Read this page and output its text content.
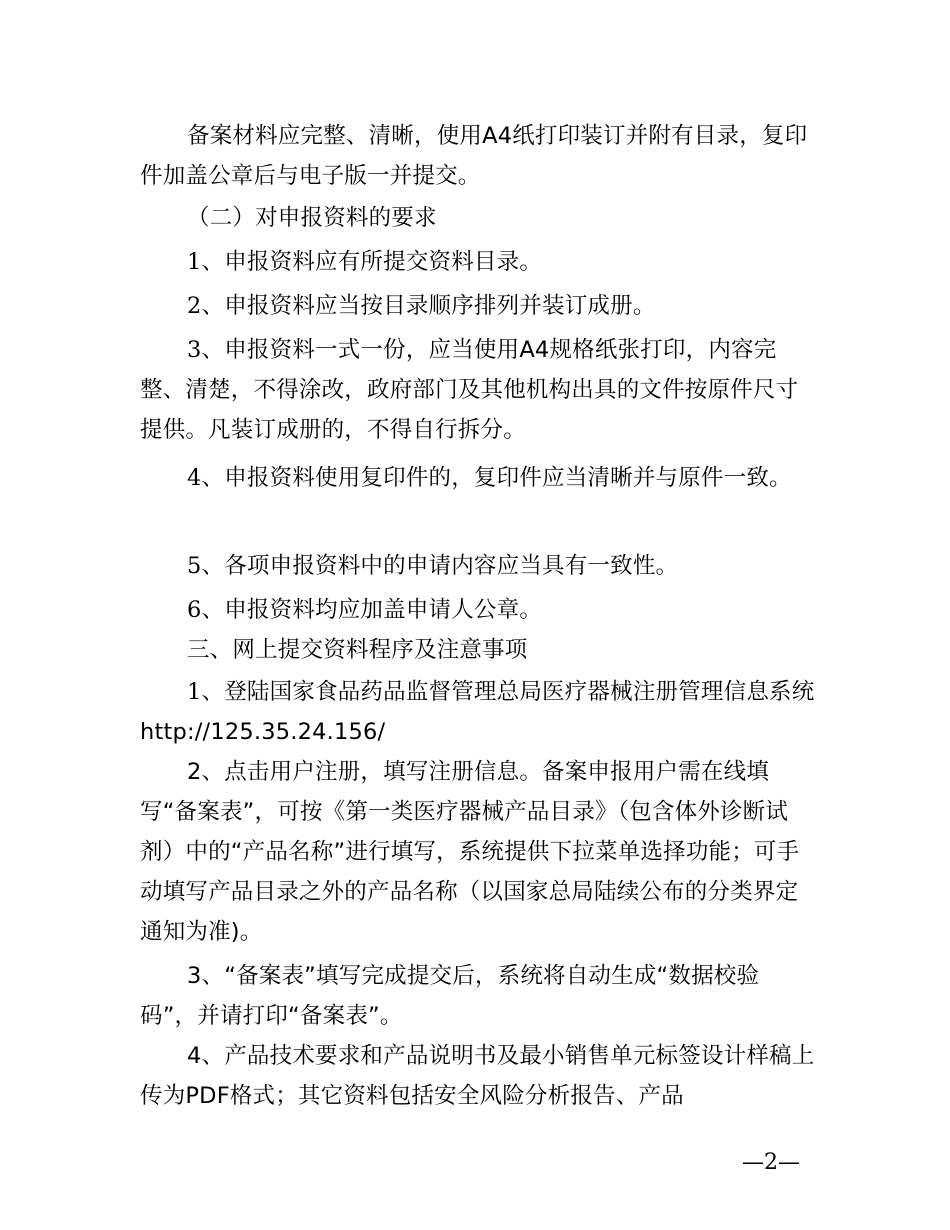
备案材料应完整、清晰，使用A4纸打印装订并附有目录，复印件加盖公章后与电子版一并提交。

（二）对申报资料的要求

1、申报资料应有所提交资料目录。

2、申报资料应当按目录顺序排列并装订成册。

3、申报资料一式一份，应当使用A4规格纸张打印，内容完整、清楚，不得涂改，政府部门及其他机构出具的文件按原件尺寸提供。凡装订成册的，不得自行拆分。

4、申报资料使用复印件的，复印件应当清晰并与原件一致。

5、各项申报资料中的申请内容应当具有一致性。

6、申报资料均应加盖申请人公章。

三、网上提交资料程序及注意事项

1、登陆国家食品药品监督管理总局医疗器械注册管理信息系统http://125.35.24.156/

2、点击用户注册，填写注册信息。备案申报用户需在线填写“备案表”，可按《第一类医疗器械产品目录》（包含体外诊断试剂）中的“产品名称”进行填写，系统提供下拉菜单选择功能；可手动填写产品目录之外的产品名称（以国家总局陆续公布的分类界定通知为准)。

3、“备案表”填写完成提交后，系统将自动生成“数据校验码”，并请打印“备案表”。

4、产品技术要求和产品说明书及最小销售单元标签设计样稿上传为PDF格式；其它资料包括安全风险分析报告、产品

—2—
